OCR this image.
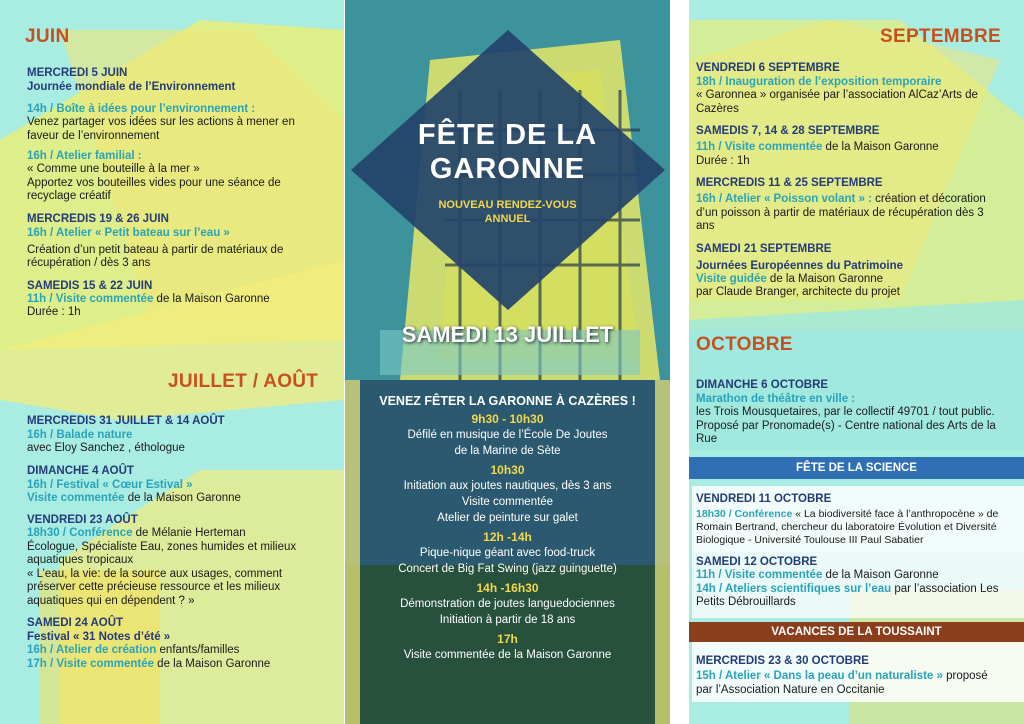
FÊTE DE LA
GARONNE
NOUVEAU RENDEZ-VOUS
ANNUEL
SAMEDI 13 JUILLET
VENEZ FÊTER LA GARONNE À CAZÈRES !
9h30 - 10h30
Défilé en musique de l’École De Joutes
de la Marine de Sète
10h30
Initiation aux joutes nautiques, dès 3 ans
Visite commentée
Atelier de peinture sur galet
12h -14h
Pique-nique géant avec food-truck
Concert de Big Fat Swing (jazz guinguette)
14h -16h30
Démonstration de joutes languedociennes
Initiation à partir de 18 ans
17h
Visite commentée de la Maison Garonne
JUIN
MERCREDI 5 JUIN
Journée mondiale de l’Environnement
14h / Boîte à idées pour l’environnement :
Venez partager vos idées sur les actions à mener en faveur de l’environnement
16h / Atelier familial :
« Comme une bouteille à la mer »
Apportez vos bouteilles vides pour une séance de recyclage créatif
MERCREDIS 19 & 26 JUIN
16h / Atelier « Petit bateau sur l’eau »
Création d’un petit bateau à partir de matériaux de récupération / dès 3 ans
SAMEDIS 15 & 22 JUIN
11h / Visite commentée de la Maison Garonne
Durée : 1h
JUILLET / AOÛT
MERCREDIS 31 JUILLET & 14 AOÛT
16h / Balade nature
avec Eloy Sanchez , éthologue
DIMANCHE 4 AOÛT
16h / Festival « Cœur Estival »
Visite commentée de la Maison Garonne
VENDREDI 23 AOÛT
18h30 / Conférence de Mélanie Herteman
Écologue, Spécialiste Eau, zones humides et milieux aquatiques tropicaux
« L’eau, la vie: de la source aux usages, comment préserver cette précieuse ressource et les milieux aquatiques qui en dépendent ? »
SAMEDI 24 AOÛT
Festival « 31 Notes d’été »
16h / Atelier de création enfants/familles
17h / Visite commentée de la Maison Garonne
SEPTEMBRE
VENDREDI 6 SEPTEMBRE
18h / Inauguration de l’exposition temporaire
« Garonnea » organisée par l’association AlCaz’Arts de Cazères
SAMEDIS 7, 14 & 28 SEPTEMBRE
11h / Visite commentée de la Maison Garonne
Durée : 1h
MERCREDIS 11 & 25 SEPTEMBRE
16h / Atelier « Poisson volant » : création et décoration d’un poisson à partir de matériaux de récupération dès 3 ans
SAMEDI 21 SEPTEMBRE
Journées Européennes du Patrimoine
Visite guidée de la Maison Garonne
par Claude Branger, architecte du projet
OCTOBRE
DIMANCHE 6 OCTOBRE
Marathon de théâtre en ville :
les Trois Mousquetaires, par le collectif 49701 / tout public. Proposé par Pronomade(s) - Centre national des Arts de la Rue
FÊTE DE LA SCIENCE
VENDREDI 11 OCTOBRE
18h30 / Conférence « La biodiversité face à l’anthropocène » de Romain Bertrand, chercheur du laboratoire Évolution et Diversité Biologique - Université Toulouse III Paul Sabatier
SAMEDI 12 OCTOBRE
11h / Visite commentée de la Maison Garonne
14h / Ateliers scientifiques sur l’eau par l’association Les Petits Débrouillards
VACANCES DE LA TOUSSAINT
MERCREDIS 23 & 30 OCTOBRE
15h / Atelier « Dans la peau d’un naturaliste » proposé par l’Association Nature en Occitanie
